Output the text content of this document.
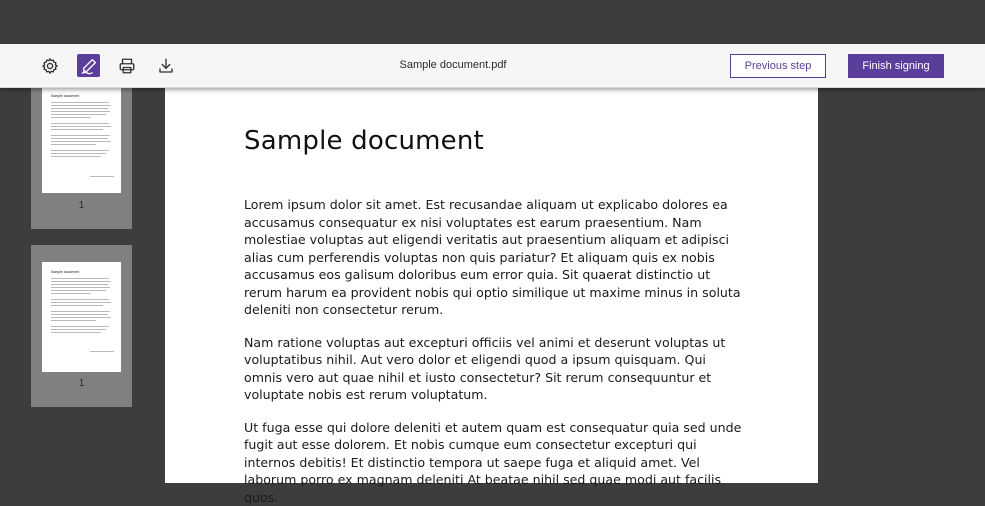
Sample document.pdf	Previous step	Finish signing
Sample document
1
Sample document
1
Sample document

Lorem ipsum dolor sit amet. Est recusandae aliquam ut explicabo dolores ea accusamus consequatur ex nisi voluptates est earum praesentium. Nam molestiae voluptas aut eligendi veritatis aut praesentium aliquam et adipisci alias cum perferendis voluptas non quis pariatur? Et aliquam quis ex nobis accusamus eos galisum doloribus eum error quia. Sit quaerat distinctio ut rerum harum ea provident nobis qui optio similique ut maxime minus in soluta deleniti non consectetur rerum.

Nam ratione voluptas aut excepturi officiis vel animi et deserunt voluptas ut voluptatibus nihil. Aut vero dolor et eligendi quod a ipsum quisquam. Qui omnis vero aut quae nihil et iusto consectetur? Sit rerum consequuntur et voluptate nobis est rerum voluptatum.

Ut fuga esse qui dolore deleniti et autem quam est consequatur quia sed unde fugit aut esse dolorem. Et nobis cumque eum consectetur excepturi qui internos debitis! Et distinctio tempora ut saepe fuga et aliquid amet. Vel laborum porro ex magnam deleniti At beatae nihil sed quae modi aut facilis quos.
